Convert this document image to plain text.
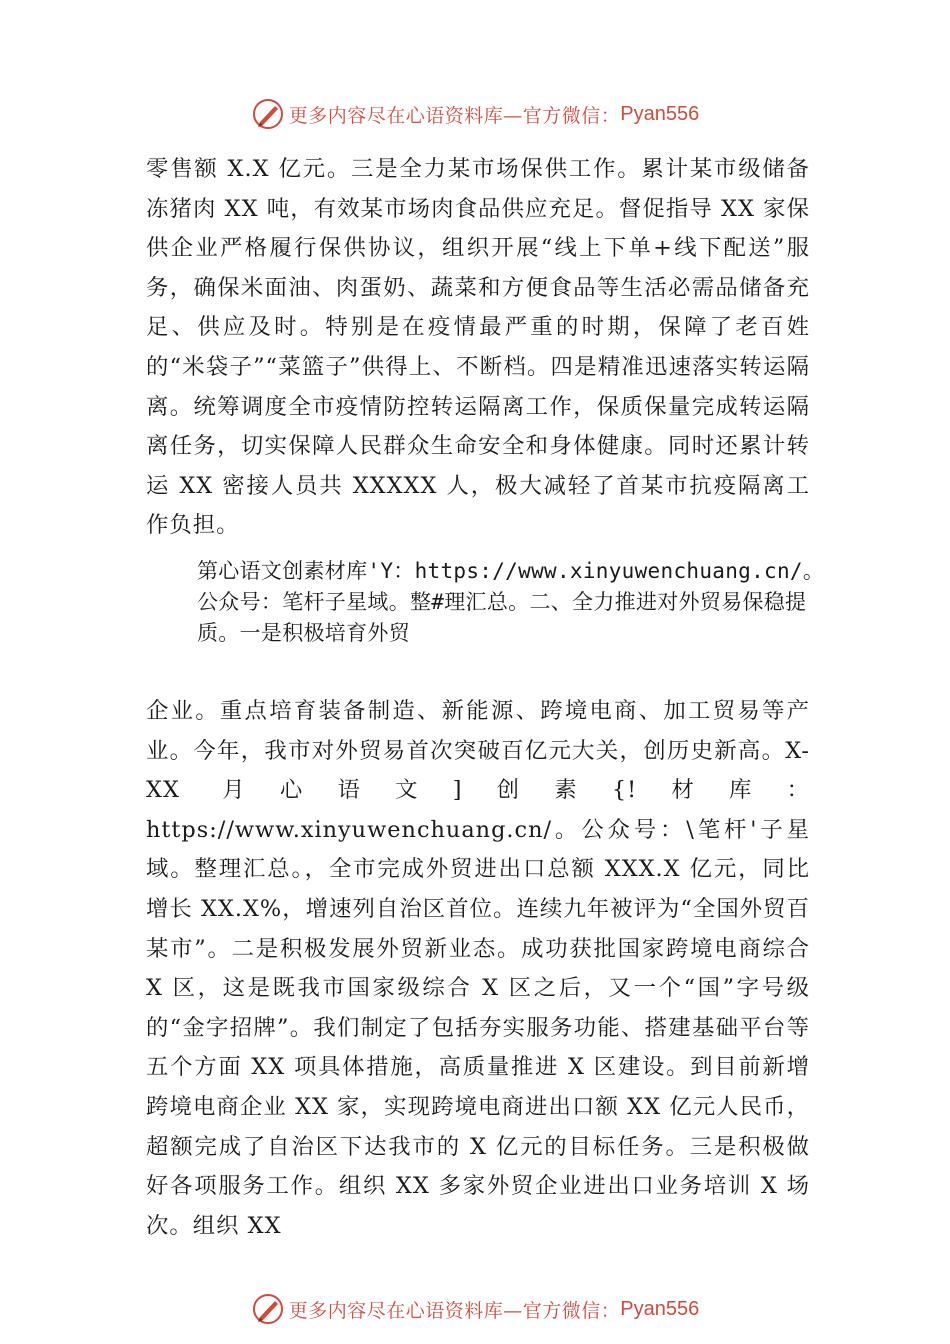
更多内容尽在心语资料库—官方微信： Pyan556

零售额 X.X 亿元。三是全力某市场保供工作。累计某市级储备冻猪肉 XX 吨，有效某市场肉食品供应充足。督促指导 XX 家保供企业严格履行保供协议，组织开展“线上下单+线下配送”服务，确保米面油、肉蛋奶、蔬菜和方便食品等生活必需品储备充足、供应及时。特别是在疫情最严重的时期，保障了老百姓的“米袋子”“菜篮子”供得上、不断档。四是精准迅速落实转运隔离。统筹调度全市疫情防控转运隔离工作，保质保量完成转运隔离任务，切实保障人民群众生命安全和身体健康。同时还累计转运 XX 密接人员共 XXXXX 人，极大减轻了首某市抗疫隔离工作负担。

第心语文创素材库'Y：https://www.xinyuwenchuang.cn/。公众号：笔杆子星域。整#理汇总。二、全力推进对外贸易保稳提质。一是积极培育外贸

企业。重点培育装备制造、新能源、跨境电商、加工贸易等产业。今年，我市对外贸易首次突破百亿元大关，创历史新高。X-XX 月心语文]创素{!材库：https://www.xinyuwenchuang.cn/。公众号：\笔杆'子星域。整理汇总。，全市完成外贸进出口总额 XXX.X 亿元，同比增长 XX.X%，增速列自治区首位。连续九年被评为“全国外贸百某市”。二是积极发展外贸新业态。成功获批国家跨境电商综合 X 区，这是既我市国家级综合 X 区之后，又一个“国”字号级的“金字招牌”。我们制定了包括夯实服务功能、搭建基础平台等五个方面 XX 项具体措施，高质量推进 X 区建设。到目前新增跨境电商企业 XX 家，实现跨境电商进出口额 XX 亿元人民币，超额完成了自治区下达我市的 X 亿元的目标任务。三是积极做好各项服务工作。组织 XX 多家外贸企业进出口业务培训 X 场次。组织 XX

更多内容尽在心语资料库—官方微信： Pyan556
